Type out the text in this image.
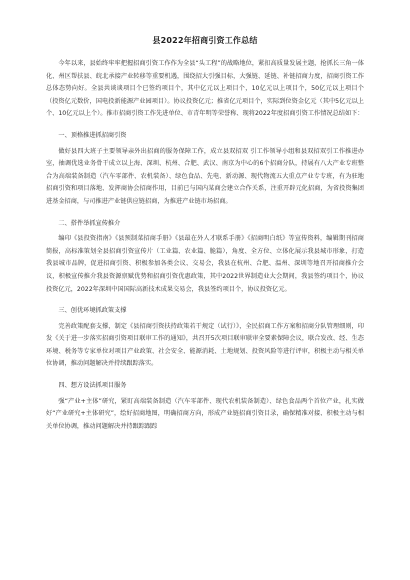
县2022年招商引资工作总结

今年以来，县始终牢牢把握招商引资工作作为全县“头工程”的战略地位，紧扣高质量发展主题，抢抓长三角一体化、州区帮扶县、皖北承接产业转移等重要机遇，围绕招大引强目标，大强链、延链、补链招商力度，招商引资工作总体态势向好。全县共谈谈项目个已签约项目个，其中亿元以上项目个，10亿元以上项目个，50亿元以上项目个（投资亿元数价，国电投新能源产业园项目）。协议投资亿元；推省亿元项目个，实际到位资金亿元（其中5亿元以上个、10亿元以上个）。推市招商引资工作先进单位、市青年明等荣誉称、现将2022年度招商引资工作情况总结如下：

一、顶格推进抓招商引资

做好县四大班子主要领导亲外出招商的服务保障工作，成立县双招双 引工作领导小组和县双招双引工作推进办室，抽调优选业务骨干成立以上海、深圳、杭州、合肥、武汉、南京为中心的6个招商分队，持展有八大产业专班整合为高端装备制造（汽车零部件、农机装备）、绿色食品、先电、新动源、现代物流五大重点产业专专班，有为驻地招商引资和项目落地、发挥商协会招商作用，目前已与国内某商会建立合作关系，注重开辟元化招商，为省投资集团进基金招商，与司推进产业链供应链招商，为推进产业链市场招商。

二、搭件举抓宣传推介

编印《县投资指南》《县预制菜招商手册》《县最在外人才联系手册》《招商明白纸》等宣传资料，编辑期刊招商简报，高标准策划全县招商引资宣传片（工业篇、农业篇、脆篇），角度、全方位、立体化展示我县城市形象，打造我县城市品牌，促进招商引资、积极参加各类会议、交易会，我县在杭州、合肥、温州、深圳等地召开招商推介会议，积极宣传推介我县资源禀赋优势和招商引资优惠政策，其中2022世界制造业大会期间，我县签约项目个，协议投资亿元，2022年深圳中国国际高新技术成果交易会，我县签约项目个，协议投资亿元。

三、创优环境抓政策支撑

完善政策配套支撑，制定《县招商引资扶持政策若干规定（试行）》，全民招商工作方案和招商分队管理细则，印发《关于进一步落实招商引资项目联审工作的通知》，共召开5次项目联审联审全要素保障会议，联合发改、经、生态环境、税务等专家单位对项目产业政策、社会安全、能源消耗、土地规划、投资风险等进行评审，积极主动与相关单位协调，推动问题解决并持续跟踪落实。

四、想方设法抓项目服务

强“产业+主体”研究，紧盯高端装备制造（汽车零部件、现代农机装备制造）、绿色食品两个首位产业，扎实做好“产业研究+主体研究”，绘好招商地图，明确招商方向，形成产业链招商引资目录，确保精准对接、积极主动与相关单位协调，推动问题解决并持跟踪跟踪
